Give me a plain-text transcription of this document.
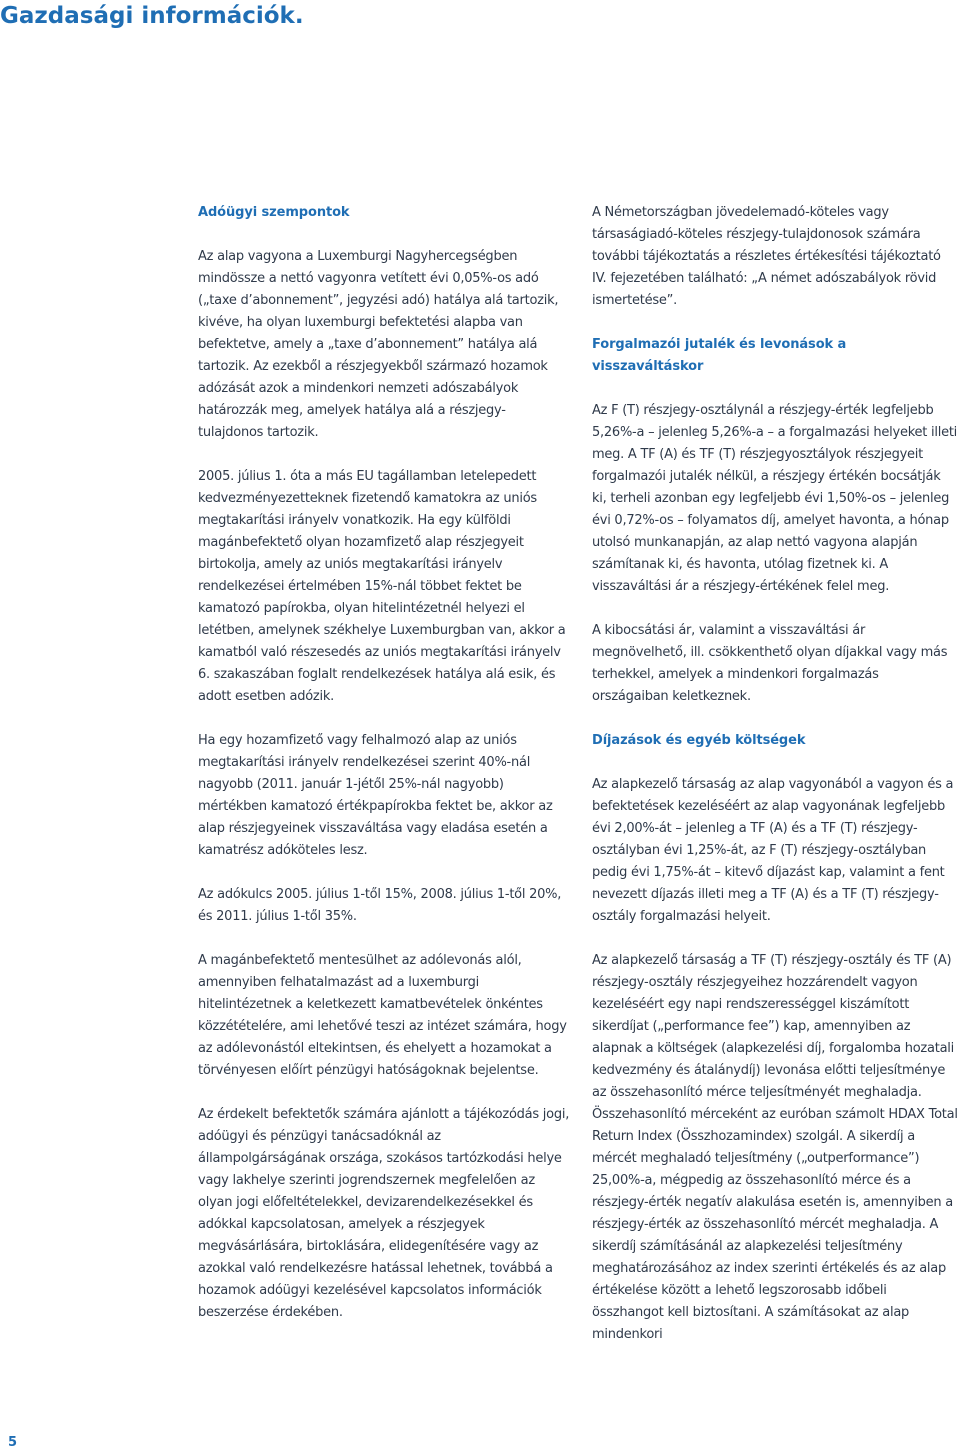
Gazdasági információk.
Adóügyi szempontok

Az alap vagyona a Luxemburgi Nagyhercegségben mindössze a nettó vagyonra vetített évi 0,05%-os adó („taxe d’abonnement”, jegyzési adó) hatálya alá tartozik, kivéve, ha olyan luxemburgi befektetési alapba van befektetve, amely a „taxe d’abonnement” hatálya alá tartozik. Az ezekből a részjegyekből származó hozamok adózását azok a mindenkori nemzeti adószabályok határozzák meg, amelyek hatálya alá a részjegy-tulajdonos tartozik.

2005. július 1. óta a más EU tagállamban letelepedett kedvezményezetteknek fizetendő kamatokra az uniós megtakarítási irányelv vonatkozik. Ha egy külföldi magánbefektető olyan hozamfizető alap részjegyeit birtokolja, amely az uniós megtakarítási irányelv rendelkezései értelmében 15%-nál többet fektet be kamatozó papírokba, olyan hitelintézetnél helyezi el letétben, amelynek székhelye Luxemburgban van, akkor a kamatból való részesedés az uniós megtakarítási irányelv 6. szakaszában foglalt rendelkezések hatálya alá esik, és adott esetben adózik.

Ha egy hozamfizető vagy felhalmozó alap az uniós megtakarítási irányelv rendelkezései szerint 40%-nál nagyobb (2011. január 1-jétől 25%-nál nagyobb) mértékben kamatozó értékpapírokba fektet be, akkor az alap részjegyeinek visszaváltása vagy eladása esetén a kamatrész adóköteles lesz.

Az adókulcs 2005. július 1-től 15%, 2008. július 1-től 20%, és 2011. július 1-től 35%.

A magánbefektető mentesülhet az adólevonás alól, amennyiben felhatalmazást ad a luxemburgi hitelintézetnek a keletkezett kamatbevételek önkéntes közzétételére, ami lehetővé teszi az intézet számára, hogy az adólevonástól eltekintsen, és ehelyett a hozamokat a törvényesen előírt pénzügyi hatóságoknak bejelentse.

Az érdekelt befektetők számára ajánlott a tájékozódás jogi, adóügyi és pénzügyi tanácsadóknál az állampolgárságának országa, szokásos tartózkodási helye vagy lakhelye szerinti jogrendszernek megfelelően az olyan jogi előfeltételekkel, devizarendelkezésekkel és adókkal kapcsolatosan, amelyek a részjegyek megvásárlására, birtoklására, elidegenítésére vagy az azokkal való rendelkezésre hatással lehetnek, továbbá a hozamok adóügyi kezelésével kapcsolatos információk beszerzése érdekében.

A Németországban jövedelemadó-köteles vagy társaságiadó-köteles részjegy-tulajdonosok számára további tájékoztatás a részletes értékesítési tájékoztató IV. fejezetében található: „A német adószabályok rövid ismertetése”.

Forgalmazói jutalék és levonások a visszaváltáskor

Az F (T) részjegy-osztálynál a részjegy-érték legfeljebb 5,26%-a – jelenleg 5,26%-a – a forgalmazási helyeket illeti meg. A TF (A) és TF (T) részjegyosztályok részjegyeit forgalmazói jutalék nélkül, a részjegy értékén bocsátják ki, terheli azonban egy legfeljebb évi 1,50%-os – jelenleg évi 0,72%-os – folyamatos díj, amelyet havonta, a hónap utolsó munkanapján, az alap nettó vagyona alapján számítanak ki, és havonta, utólag fizetnek ki. A visszaváltási ár a részjegy-értékének felel meg.

A kibocsátási ár, valamint a visszaváltási ár megnövelhető, ill. csökkenthető olyan díjakkal vagy más terhekkel, amelyek a mindenkori forgalmazás országaiban keletkeznek.

Díjazások és egyéb költségek

Az alapkezelő társaság az alap vagyonából a vagyon és a befektetések kezeléséért az alap vagyonának legfeljebb évi 2,00%-át – jelenleg a TF (A) és a TF (T) részjegy-osztályban évi 1,25%-át, az F (T) részjegy-osztályban pedig évi 1,75%-át – kitevő díjazást kap, valamint a fent nevezett díjazás illeti meg a TF (A) és a TF (T) részjegy-osztály forgalmazási helyeit.

Az alapkezelő társaság a TF (T) részjegy-osztály és TF (A) részjegy-osztály részjegyeihez hozzárendelt vagyon kezeléséért egy napi rendszerességgel kiszámított sikerdíjat („performance fee”) kap, amennyiben az alapnak a költségek (alapkezelési díj, forgalomba hozatali kedvezmény és átalánydíj) levonása előtti teljesítménye az összehasonlító mérce teljesítményét meghaladja. Összehasonlító mérceként az euróban számolt HDAX Total Return Index (Összhozamindex) szolgál. A sikerdíj a mércét meghaladó teljesítmény („outperformance”) 25,00%-a, mégpedig az összehasonlító mérce és a részjegy-érték negatív alakulása esetén is, amennyiben a részjegy-érték az összehasonlító mércét meghaladja. A sikerdíj számításánál az alapkezelési teljesítmény meghatározásához az index szerinti értékelés és az alap értékelése között a lehető legszorosabb időbeli összhangot kell biztosítani. A számításokat az alap mindenkori

5
